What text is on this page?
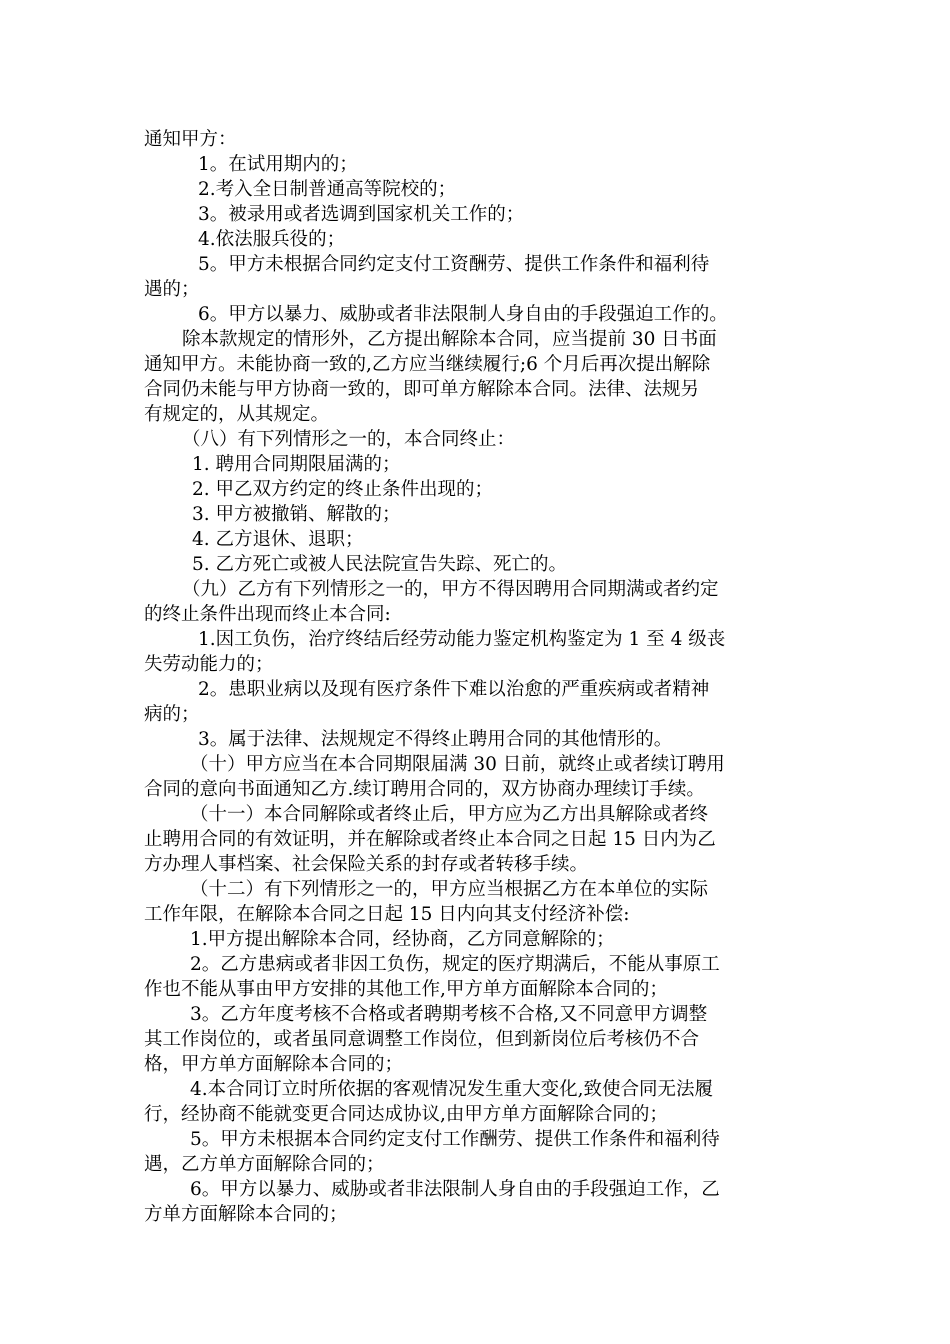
通知甲方：
1。在试用期内的；
2.考入全日制普通高等院校的；
3。被录用或者选调到国家机关工作的；
4.依法服兵役的；
5。甲方未根据合同约定支付工资酬劳、提供工作条件和福利待
遇的；
6。甲方以暴力、威胁或者非法限制人身自由的手段强迫工作的。
除本款规定的情形外，乙方提出解除本合同，应当提前 30 日书面
通知甲方。未能协商一致的,乙方应当继续履行;6 个月后再次提出解除
合同仍未能与甲方协商一致的，即可单方解除本合同。法律、法规另
有规定的，从其规定。
（八）有下列情形之一的，本合同终止：
1. 聘用合同期限届满的；
2. 甲乙双方约定的终止条件出现的；
3. 甲方被撤销、解散的；
4. 乙方退休、退职；
5. 乙方死亡或被人民法院宣告失踪、死亡的。
（九）乙方有下列情形之一的，甲方不得因聘用合同期满或者约定
的终止条件出现而终止本合同:
1.因工负伤，治疗终结后经劳动能力鉴定机构鉴定为 1 至 4 级丧
失劳动能力的；
2。患职业病以及现有医疗条件下难以治愈的严重疾病或者精神
病的；
3。属于法律、法规规定不得终止聘用合同的其他情形的。
（十）甲方应当在本合同期限届满 30 日前，就终止或者续订聘用
合同的意向书面通知乙方.续订聘用合同的，双方协商办理续订手续。
（十一）本合同解除或者终止后，甲方应为乙方出具解除或者终
止聘用合同的有效证明，并在解除或者终止本合同之日起 15 日内为乙
方办理人事档案、社会保险关系的封存或者转移手续。
（十二）有下列情形之一的，甲方应当根据乙方在本单位的实际
工作年限，在解除本合同之日起 15 日内向其支付经济补偿:
1.甲方提出解除本合同，经协商，乙方同意解除的；
2。乙方患病或者非因工负伤，规定的医疗期满后，不能从事原工
作也不能从事由甲方安排的其他工作,甲方单方面解除本合同的；
3。乙方年度考核不合格或者聘期考核不合格,又不同意甲方调整
其工作岗位的，或者虽同意调整工作岗位，但到新岗位后考核仍不合
格，甲方单方面解除本合同的；
4.本合同订立时所依据的客观情况发生重大变化,致使合同无法履
行，经协商不能就变更合同达成协议,由甲方单方面解除合同的；
5。甲方未根据本合同约定支付工作酬劳、提供工作条件和福利待
遇，乙方单方面解除合同的；
6。甲方以暴力、威胁或者非法限制人身自由的手段强迫工作，乙
方单方面解除本合同的；
